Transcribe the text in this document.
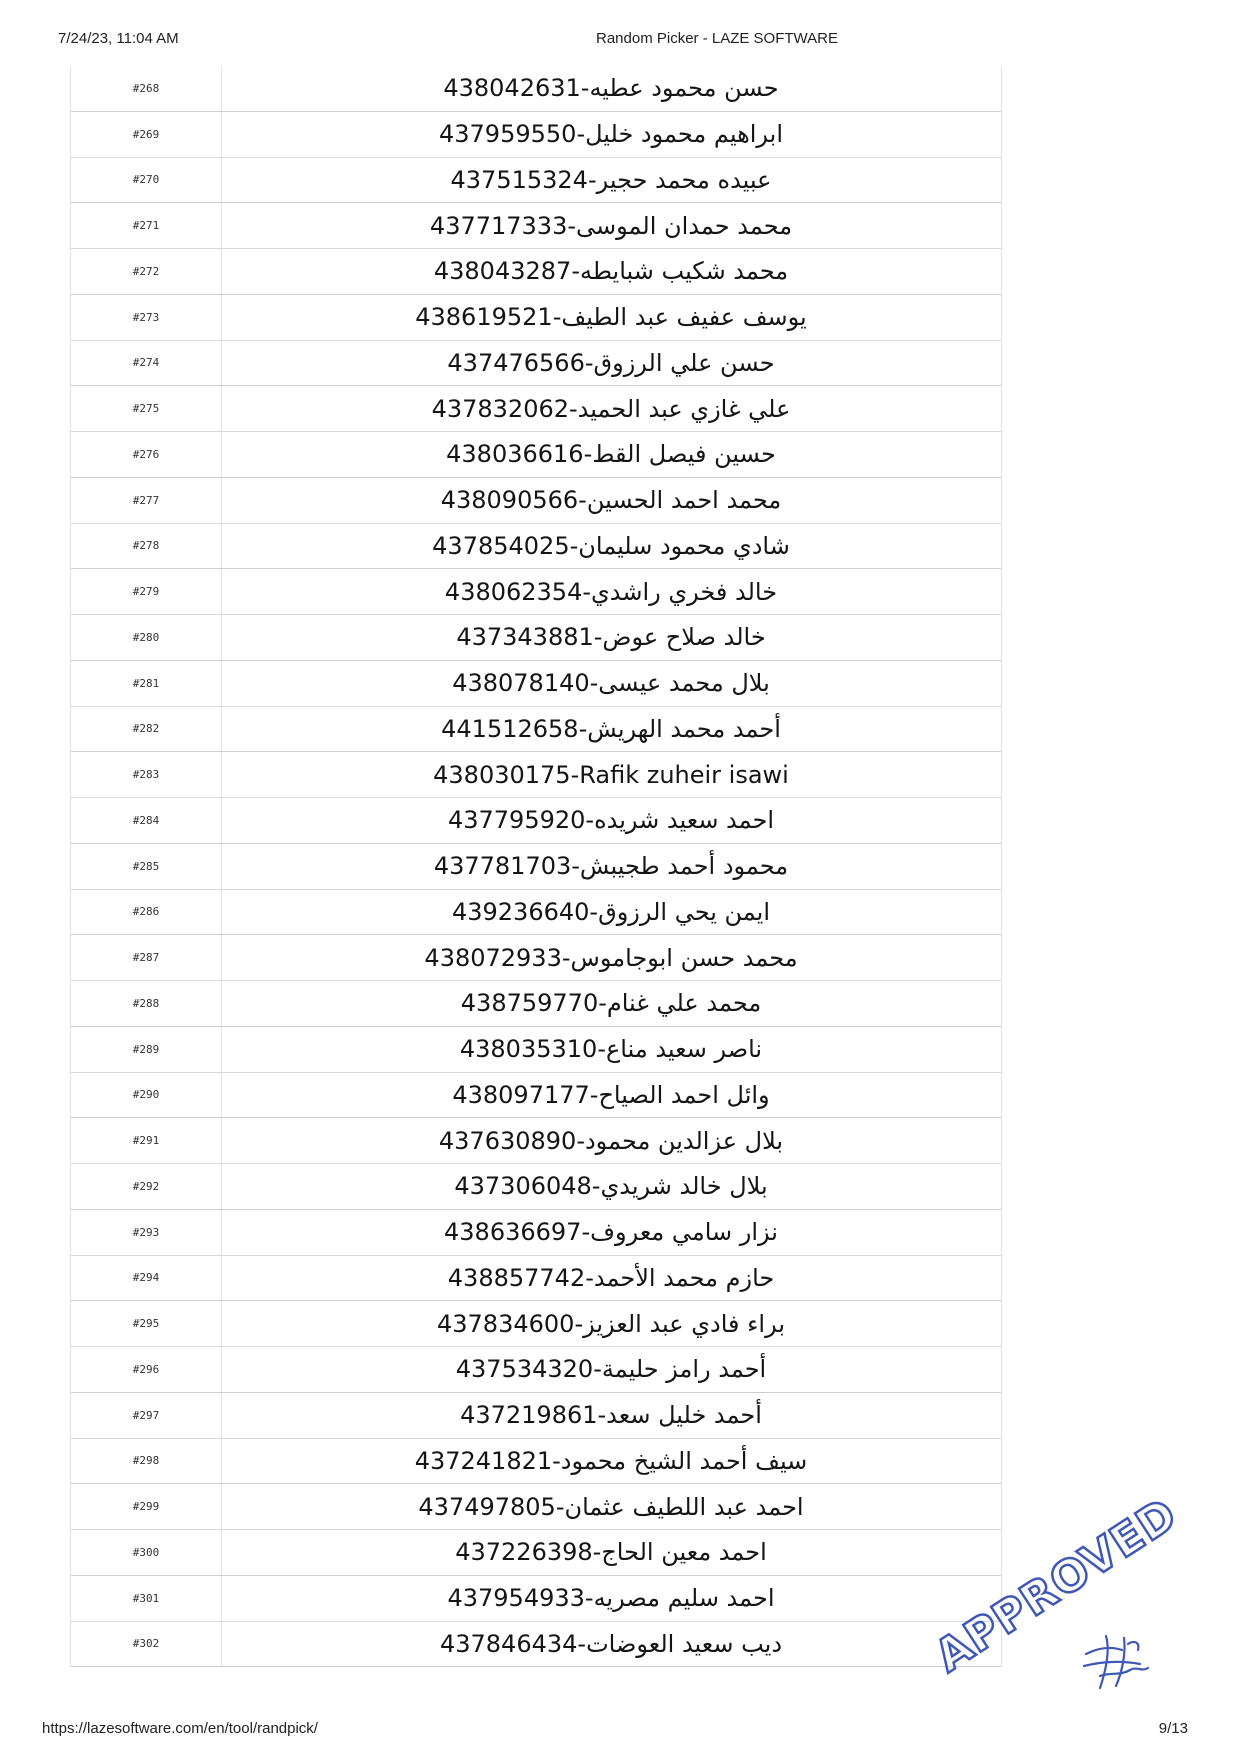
7/24/23, 11:04 AM	Random Picker - LAZE SOFTWARE
#268	حسن محمود عطيه-438042631
#269	ابراهيم محمود خليل-437959550
#270	عبيده محمد حجير-437515324
#271	محمد حمدان الموسى-437717333
#272	محمد شكيب شبايطه-438043287
#273	يوسف عفيف عبد الطيف-438619521
#274	حسن علي الرزوق-437476566
#275	علي غازي عبد الحميد-437832062
#276	حسين فيصل القط-438036616
#277	محمد احمد الحسين-438090566
#278	شادي محمود سليمان-437854025
#279	خالد فخري راشدي-438062354
#280	خالد صلاح عوض-437343881
#281	بلال محمد عيسى-438078140
#282	أحمد محمد الهريش-441512658
#283	438030175-Rafik zuheir isawi
#284	احمد سعيد شريده-437795920
#285	محمود أحمد طجيبش-437781703
#286	ايمن يحي الرزوق-439236640
#287	محمد حسن ابوجاموس-438072933
#288	محمد علي غنام-438759770
#289	ناصر سعيد مناع-438035310
#290	وائل احمد الصياح-438097177
#291	بلال عزالدين محمود-437630890
#292	بلال خالد شريدي-437306048
#293	نزار سامي معروف-438636697
#294	حازم محمد الأحمد-438857742
#295	براء فادي عبد العزيز-437834600
#296	أحمد رامز حليمة-437534320
#297	أحمد خليل سعد-437219861
#298	سيف أحمد الشيخ محمود-437241821
#299	احمد عبد اللطيف عثمان-437497805
#300	احمد معين الحاج-437226398
#301	احمد سليم مصريه-437954933
#302	ديب سعيد العوضات-437846434	APPROVED
https://lazesoftware.com/en/tool/randpick/	9/13
